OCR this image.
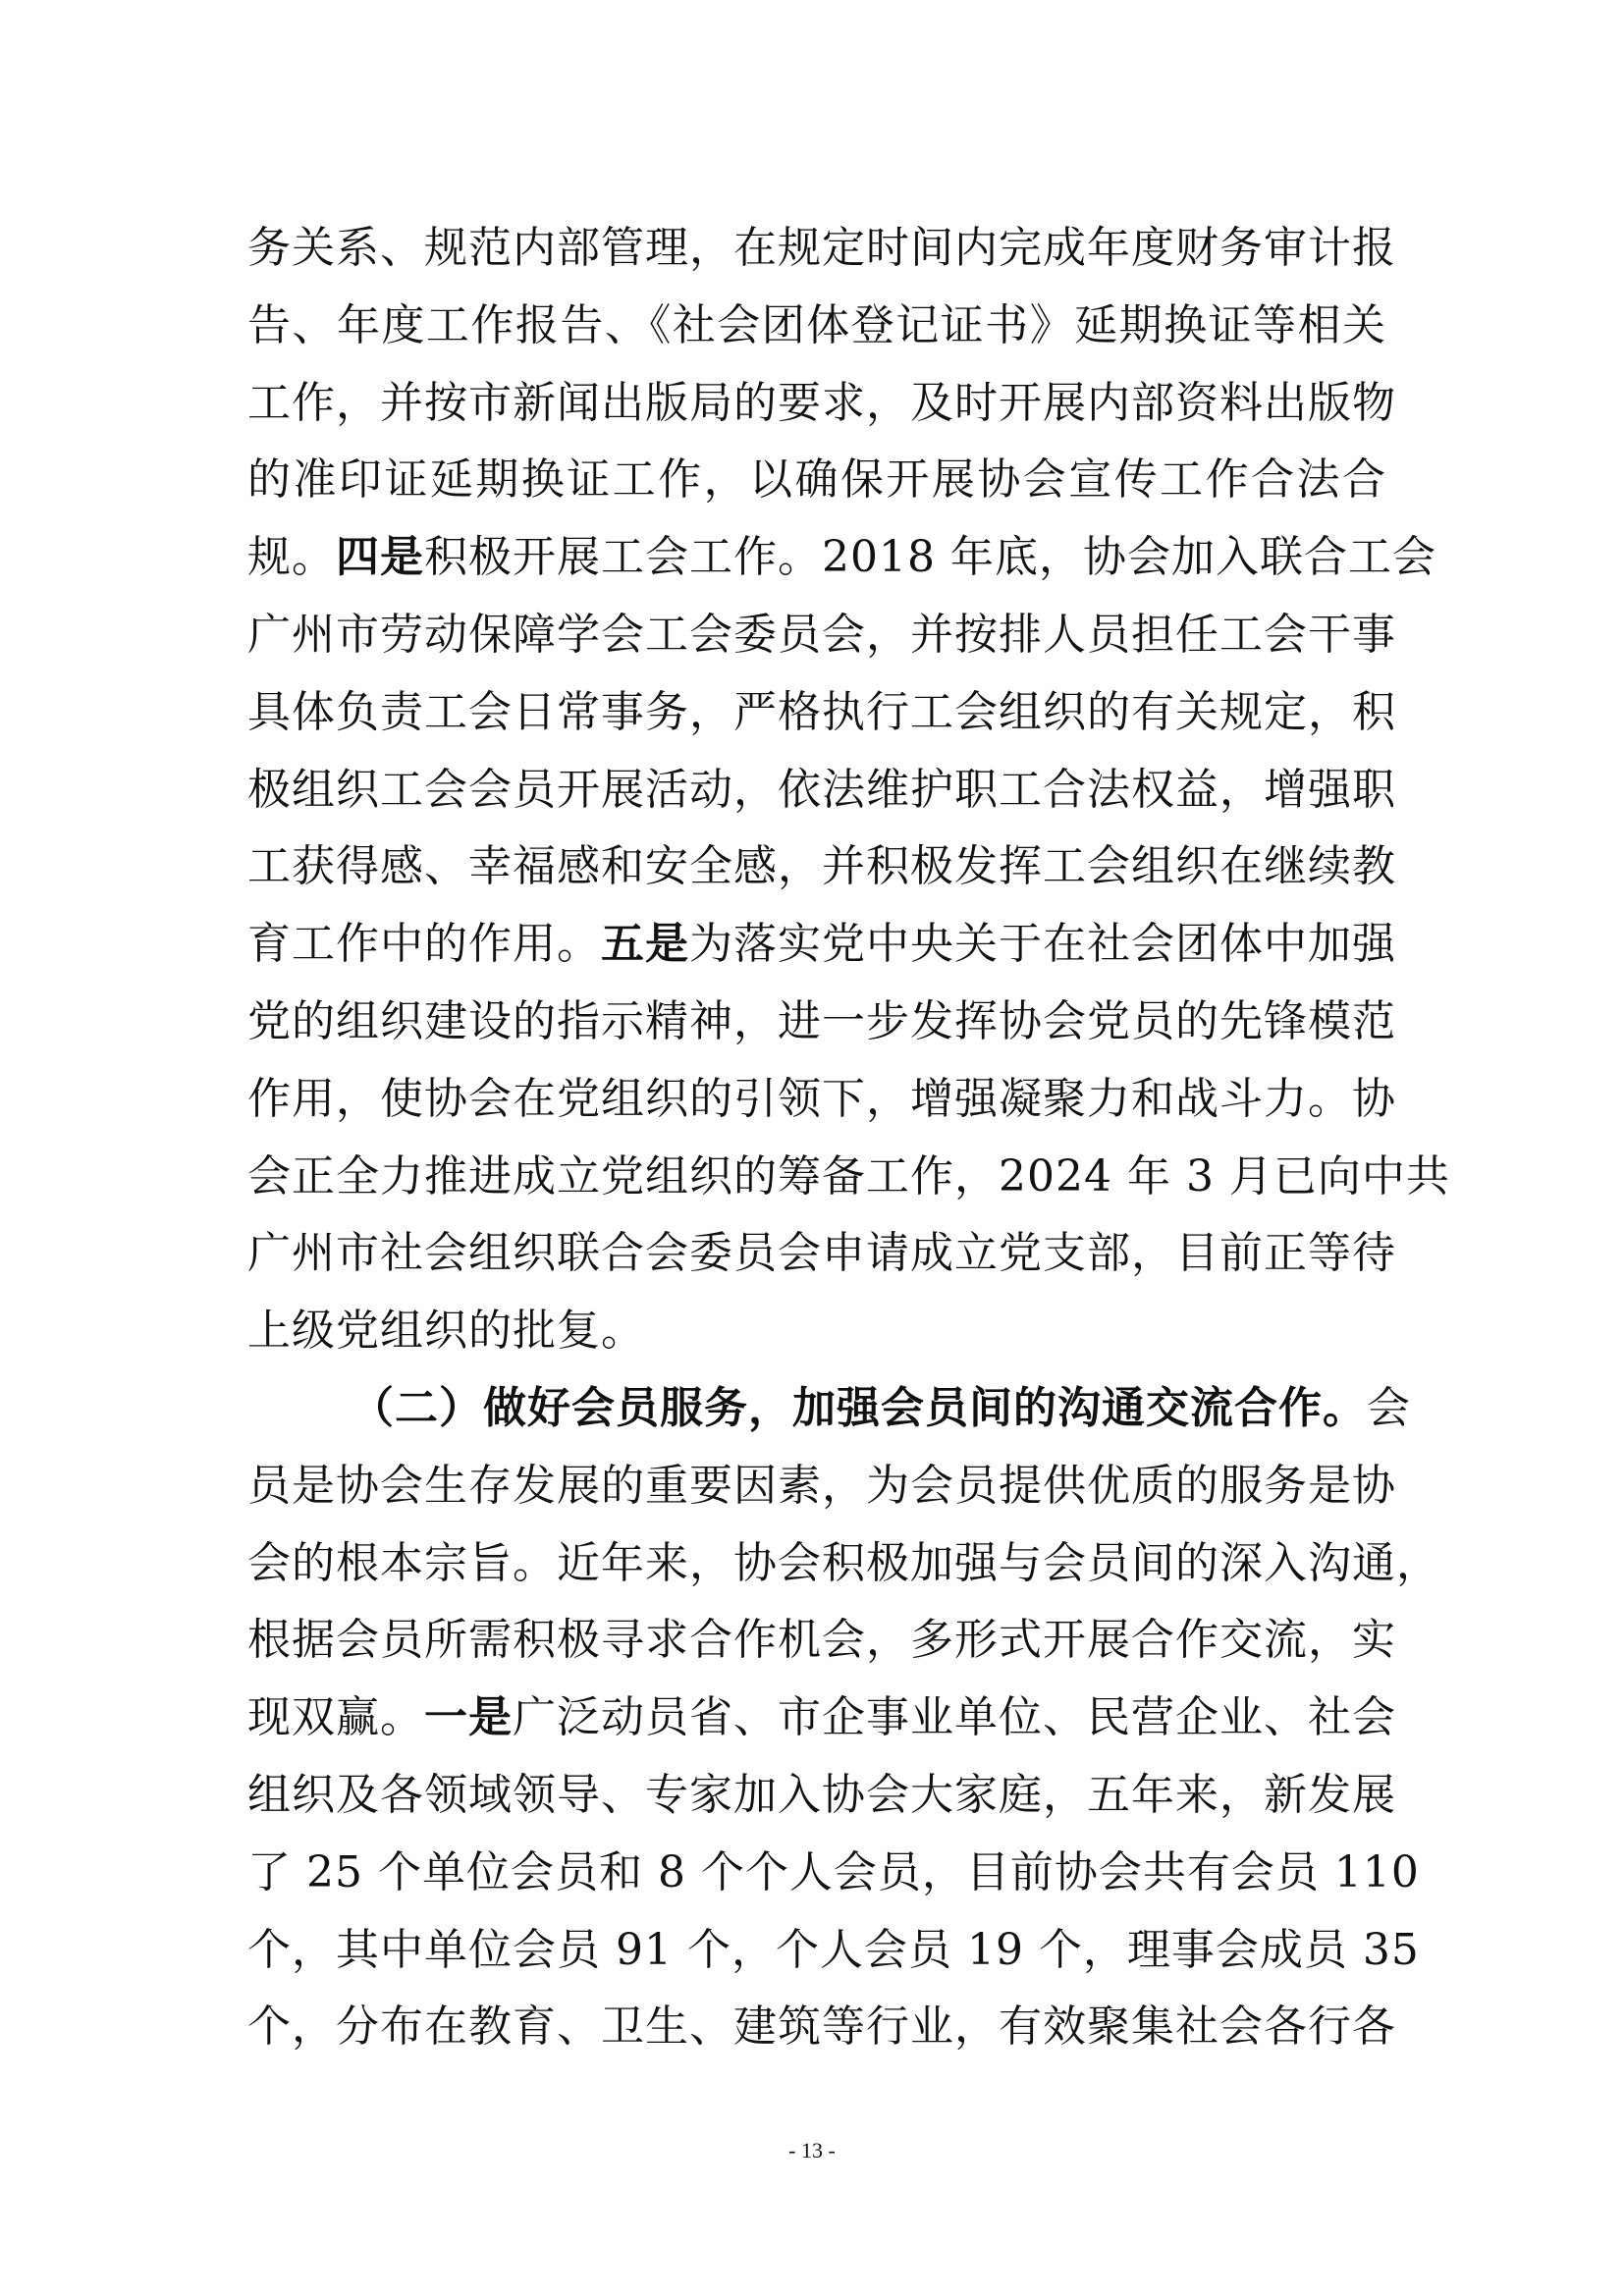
务关系、规范内部管理，在规定时间内完成年度财务审计报
告、年度工作报告、《社会团体登记证书》延期换证等相关
工作，并按市新闻出版局的要求，及时开展内部资料出版物
的准印证延期换证工作，以确保开展协会宣传工作合法合
规。四是积极开展工会工作。2018 年底，协会加入联合工会
广州市劳动保障学会工会委员会，并按排人员担任工会干事
具体负责工会日常事务，严格执行工会组织的有关规定，积
极组织工会会员开展活动，依法维护职工合法权益，增强职
工获得感、幸福感和安全感，并积极发挥工会组织在继续教
育工作中的作用。五是为落实党中央关于在社会团体中加强
党的组织建设的指示精神，进一步发挥协会党员的先锋模范
作用，使协会在党组织的引领下，增强凝聚力和战斗力。协
会正全力推进成立党组织的筹备工作，2024 年 3 月已向中共
广州市社会组织联合会委员会申请成立党支部，目前正等待
上级党组织的批复。
（二）做好会员服务，加强会员间的沟通交流合作。会
员是协会生存发展的重要因素，为会员提供优质的服务是协
会的根本宗旨。近年来，协会积极加强与会员间的深入沟通，
根据会员所需积极寻求合作机会，多形式开展合作交流，实
现双赢。一是广泛动员省、市企事业单位、民营企业、社会
组织及各领域领导、专家加入协会大家庭，五年来，新发展
了 25 个单位会员和 8 个个人会员，目前协会共有会员 110
个，其中单位会员 91 个，个人会员 19 个，理事会成员 35
个，分布在教育、卫生、建筑等行业，有效聚集社会各行各
- 13 -
